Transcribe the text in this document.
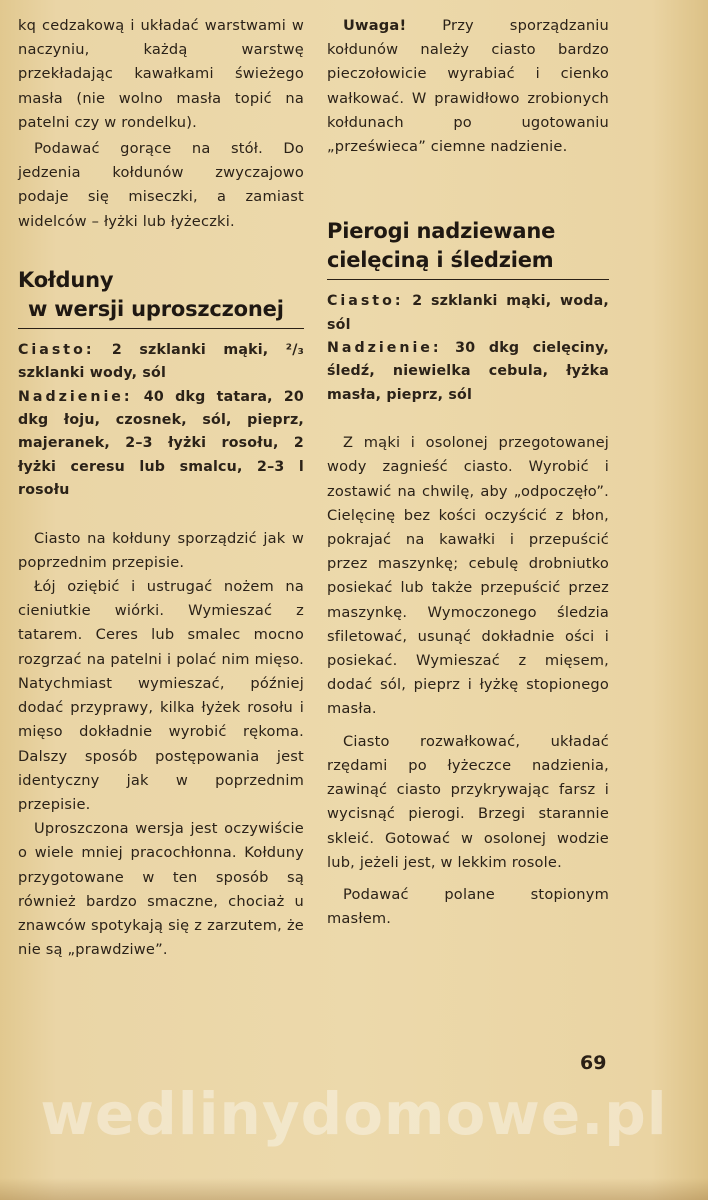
kq cedzakową i układać warstwami w naczyniu, każdą warstwę przekładając kawałkami świeżego masła (nie wolno masła topić na patelni czy w rondelku).

Podawać gorące na stół. Do jedzenia kołdunów zwyczajowo podaje się miseczki, a zamiast widelców – łyżki lub łyżeczki.

Kołduny
w wersji uproszczonej

Ciasto: 2 szklanki mąki, ²/₃ szklanki wody, sól

Nadzienie: 40 dkg tatara, 20 dkg łoju, czosnek, sól, pieprz, majeranek, 2–3 łyżki rosołu, 2 łyżki ceresu lub smalcu, 2–3 l rosołu

Ciasto na kołduny sporządzić jak w poprzednim przepisie.

Łój oziębić i ustrugać nożem na cieniutkie wiórki. Wymieszać z tatarem. Ceres lub smalec mocno rozgrzać na patelni i polać nim mięso. Natychmiast wymieszać, później dodać przyprawy, kilka łyżek rosołu i mięso dokładnie wyrobić rękoma. Dalszy sposób postępowania jest identyczny jak w poprzednim przepisie.

Uproszczona wersja jest oczywiście o wiele mniej pracochłonna. Kołduny przygotowane w ten sposób są również bardzo smaczne, chociaż u znawców spotykają się z zarzutem, że nie są „prawdziwe”.

Uwaga! Przy sporządzaniu kołdunów należy ciasto bardzo pieczołowicie wyrabiać i cienko wałkować. W prawidłowo zrobionych kołdunach po ugotowaniu „prześwieca” ciemne nadzienie.

Pierogi nadziewane
cielęciną i śledziem

Ciasto: 2 szklanki mąki, woda, sól

Nadzienie: 30 dkg cielęciny, śledź, niewielka cebula, łyżka masła, pieprz, sól

Z mąki i osolonej przegotowanej wody zagnieść ciasto. Wyrobić i zostawić na chwilę, aby „odpoczęło”. Cielęcinę bez kości oczyścić z błon, pokrajać na kawałki i przepuścić przez maszynkę; cebulę drobniutko posiekać lub także przepuścić przez maszynkę. Wymoczonego śledzia sfiletować, usunąć dokładnie ości i posiekać. Wymieszać z mięsem, dodać sól, pieprz i łyżkę stopionego masła.

Ciasto rozwałkować, układać rzędami po łyżeczce nadzienia, zawinąć ciasto przykrywając farsz i wycisnąć pierogi. Brzegi starannie skleić. Gotować w osolonej wodzie lub, jeżeli jest, w lekkim rosole.

Podawać polane stopionym masłem.

69
wedlinydomowe.pl
